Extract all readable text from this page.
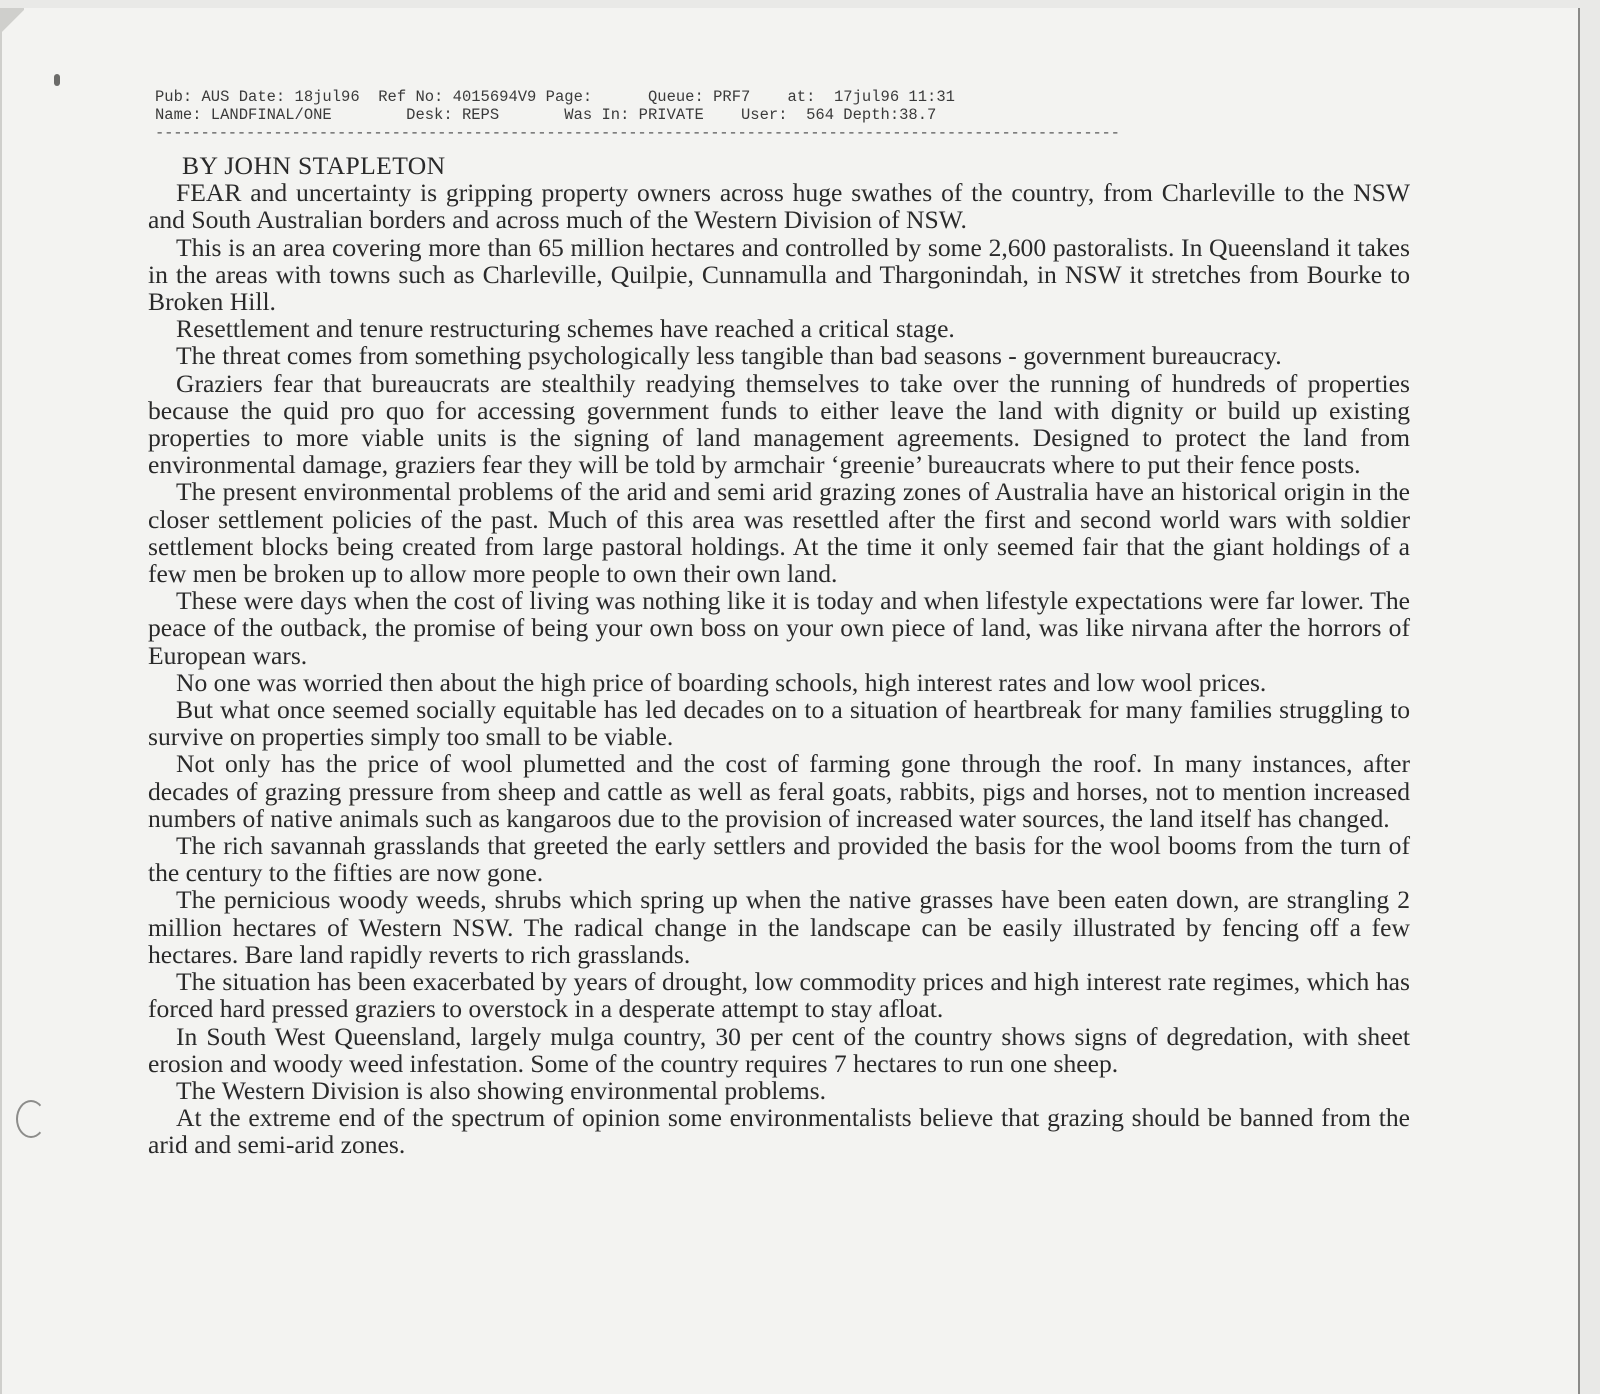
Pub: AUS Date: 18jul96  Ref No: 4015694V9 Page:      Queue: PRF7    at:  17jul96 11:31
Name: LANDFINAL/ONE        Desk: REPS       Was In: PRIVATE    User:  564 Depth:38.7
----------------------------------------------------------------------------------------------------------

BY JOHN STAPLETON

FEAR and uncertainty is gripping property owners across huge swathes of the country, from Charleville to the NSW and South Australian borders and across much of the Western Division of NSW.

This is an area covering more than 65 million hectares and controlled by some 2,600 pastoralists. In Queensland it takes in the areas with towns such as Charleville, Quilpie, Cunnamulla and Thargonindah, in NSW it stretches from Bourke to Broken Hill.

Resettlement and tenure restructuring schemes have reached a critical stage.

The threat comes from something psychologically less tangible than bad seasons - government bureaucracy.

Graziers fear that bureaucrats are stealthily readying themselves to take over the running of hundreds of properties because the quid pro quo for accessing government funds to either leave the land with dignity or build up existing properties to more viable units is the signing of land management agreements. Designed to protect the land from environmental damage, graziers fear they will be told by armchair ‘greenie’ bureaucrats where to put their fence posts.

The present environmental problems of the arid and semi arid grazing zones of Australia have an historical origin in the closer settlement policies of the past. Much of this area was resettled after the first and second world wars with soldier settlement blocks being created from large pastoral holdings. At the time it only seemed fair that the giant holdings of a few men be broken up to allow more people to own their own land.

These were days when the cost of living was nothing like it is today and when lifestyle expectations were far lower. The peace of the outback, the promise of being your own boss on your own piece of land, was like nirvana after the horrors of European wars.

No one was worried then about the high price of boarding schools, high interest rates and low wool prices.

But what once seemed socially equitable has led decades on to a situation of heartbreak for many families struggling to survive on properties simply too small to be viable.

Not only has the price of wool plumetted and the cost of farming gone through the roof. In many instances, after decades of grazing pressure from sheep and cattle as well as feral goats, rabbits, pigs and horses, not to mention increased numbers of native animals such as kangaroos due to the provision of increased water sources, the land itself has changed.

The rich savannah grasslands that greeted the early settlers and provided the basis for the wool booms from the turn of the century to the fifties are now gone.

The pernicious woody weeds, shrubs which spring up when the native grasses have been eaten down, are strangling 2 million hectares of Western NSW. The radical change in the landscape can be easily illustrated by fencing off a few hectares. Bare land rapidly reverts to rich grasslands.

The situation has been exacerbated by years of drought, low commodity prices and high interest rate regimes, which has forced hard pressed graziers to overstock in a desperate attempt to stay afloat.

In South West Queensland, largely mulga country, 30 per cent of the country shows signs of degredation, with sheet erosion and woody weed infestation. Some of the country requires 7 hectares to run one sheep.

The Western Division is also showing environmental problems.

At the extreme end of the spectrum of opinion some environmentalists believe that grazing should be banned from the arid and semi-arid zones.
